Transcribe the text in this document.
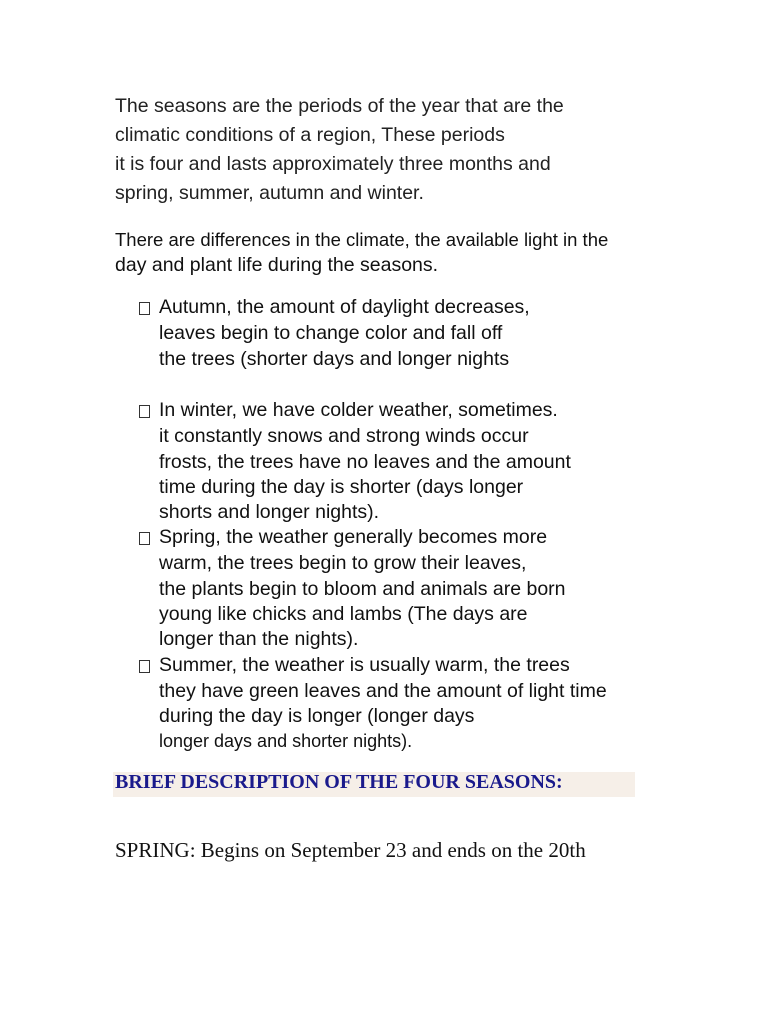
The seasons are the periods of the year that are the

climatic conditions of a region, These periods

it is four and lasts approximately three months and

spring, summer, autumn and winter.

There are differences in the climate, the available light in the

day and plant life during the seasons.

Autumn, the amount of daylight decreases,

leaves begin to change color and fall off

the trees (shorter days and longer nights

In winter, we have colder weather, sometimes.

it constantly snows and strong winds occur

frosts, the trees have no leaves and the amount

time during the day is shorter (days longer

shorts and longer nights).

Spring, the weather generally becomes more

warm, the trees begin to grow their leaves,

the plants begin to bloom and animals are born

young like chicks and lambs (The days are

longer than the nights).

Summer, the weather is usually warm, the trees

they have green leaves and the amount of light time

during the day is longer (longer days

longer days and shorter nights).

BRIEF DESCRIPTION OF THE FOUR SEASONS:

SPRING: Begins on September 23 and ends on the 20th
